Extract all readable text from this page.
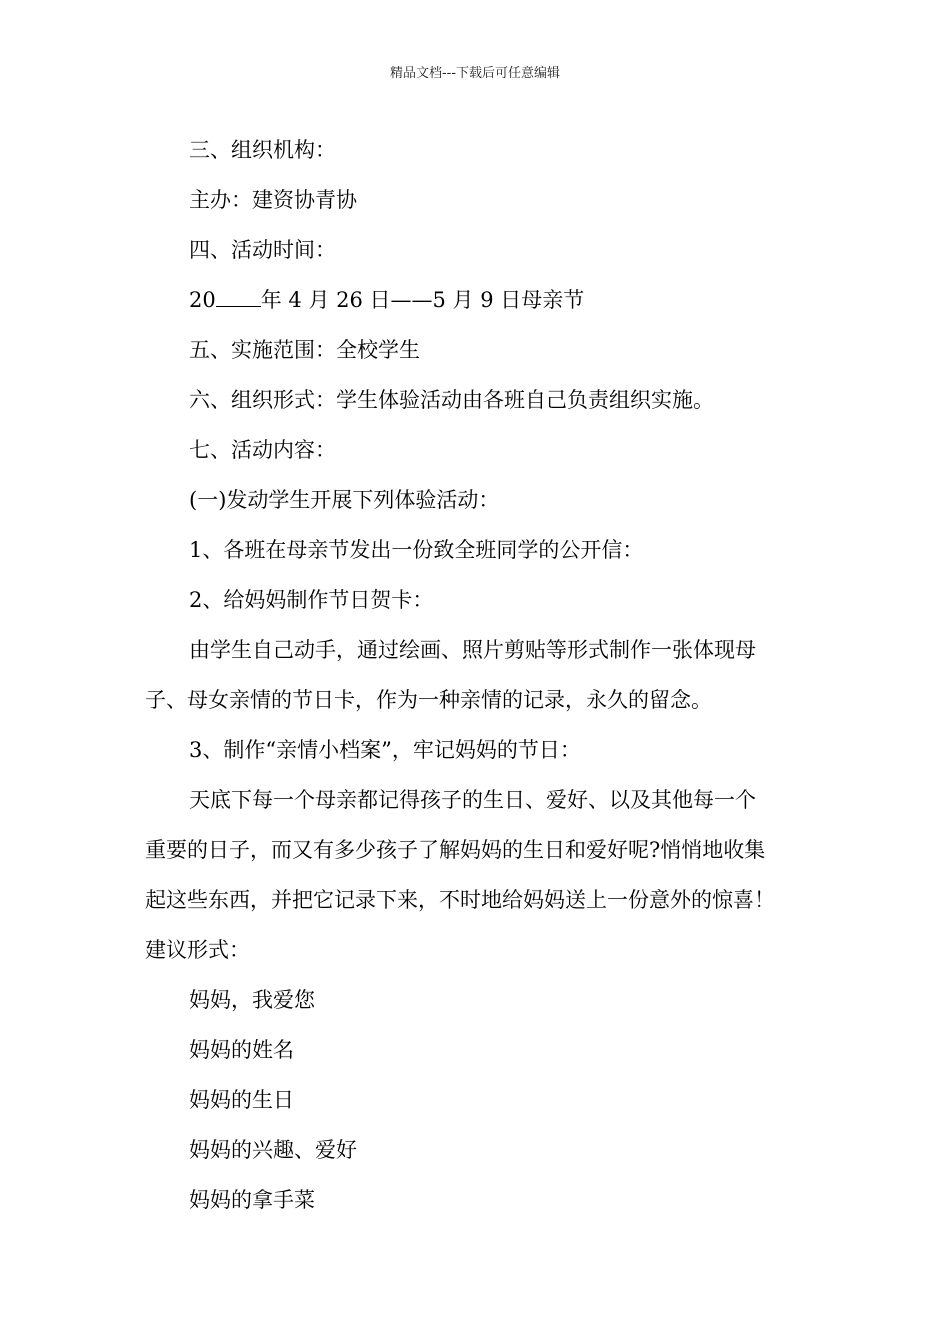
精品文档---下载后可任意编辑
三、组织机构：
主办：建资协青协
四、活动时间：
20 年 4 月 26 日——5 月 9 日母亲节
五、实施范围：全校学生
六、组织形式：学生体验活动由各班自己负责组织实施。
七、活动内容：
(一)发动学生开展下列体验活动：
1、各班在母亲节发出一份致全班同学的公开信：
2、给妈妈制作节日贺卡：
由学生自己动手，通过绘画、照片剪贴等形式制作一张体现母
子、母女亲情的节日卡，作为一种亲情的记录，永久的留念。
3、制作“亲情小档案”，牢记妈妈的节日：
天底下每一个母亲都记得孩子的生日、爱好、以及其他每一个
重要的日子，而又有多少孩子了解妈妈的生日和爱好呢?悄悄地收集
起这些东西，并把它记录下来，不时地给妈妈送上一份意外的惊喜！
建议形式：
妈妈，我爱您
妈妈的姓名
妈妈的生日
妈妈的兴趣、爱好
妈妈的拿手菜
